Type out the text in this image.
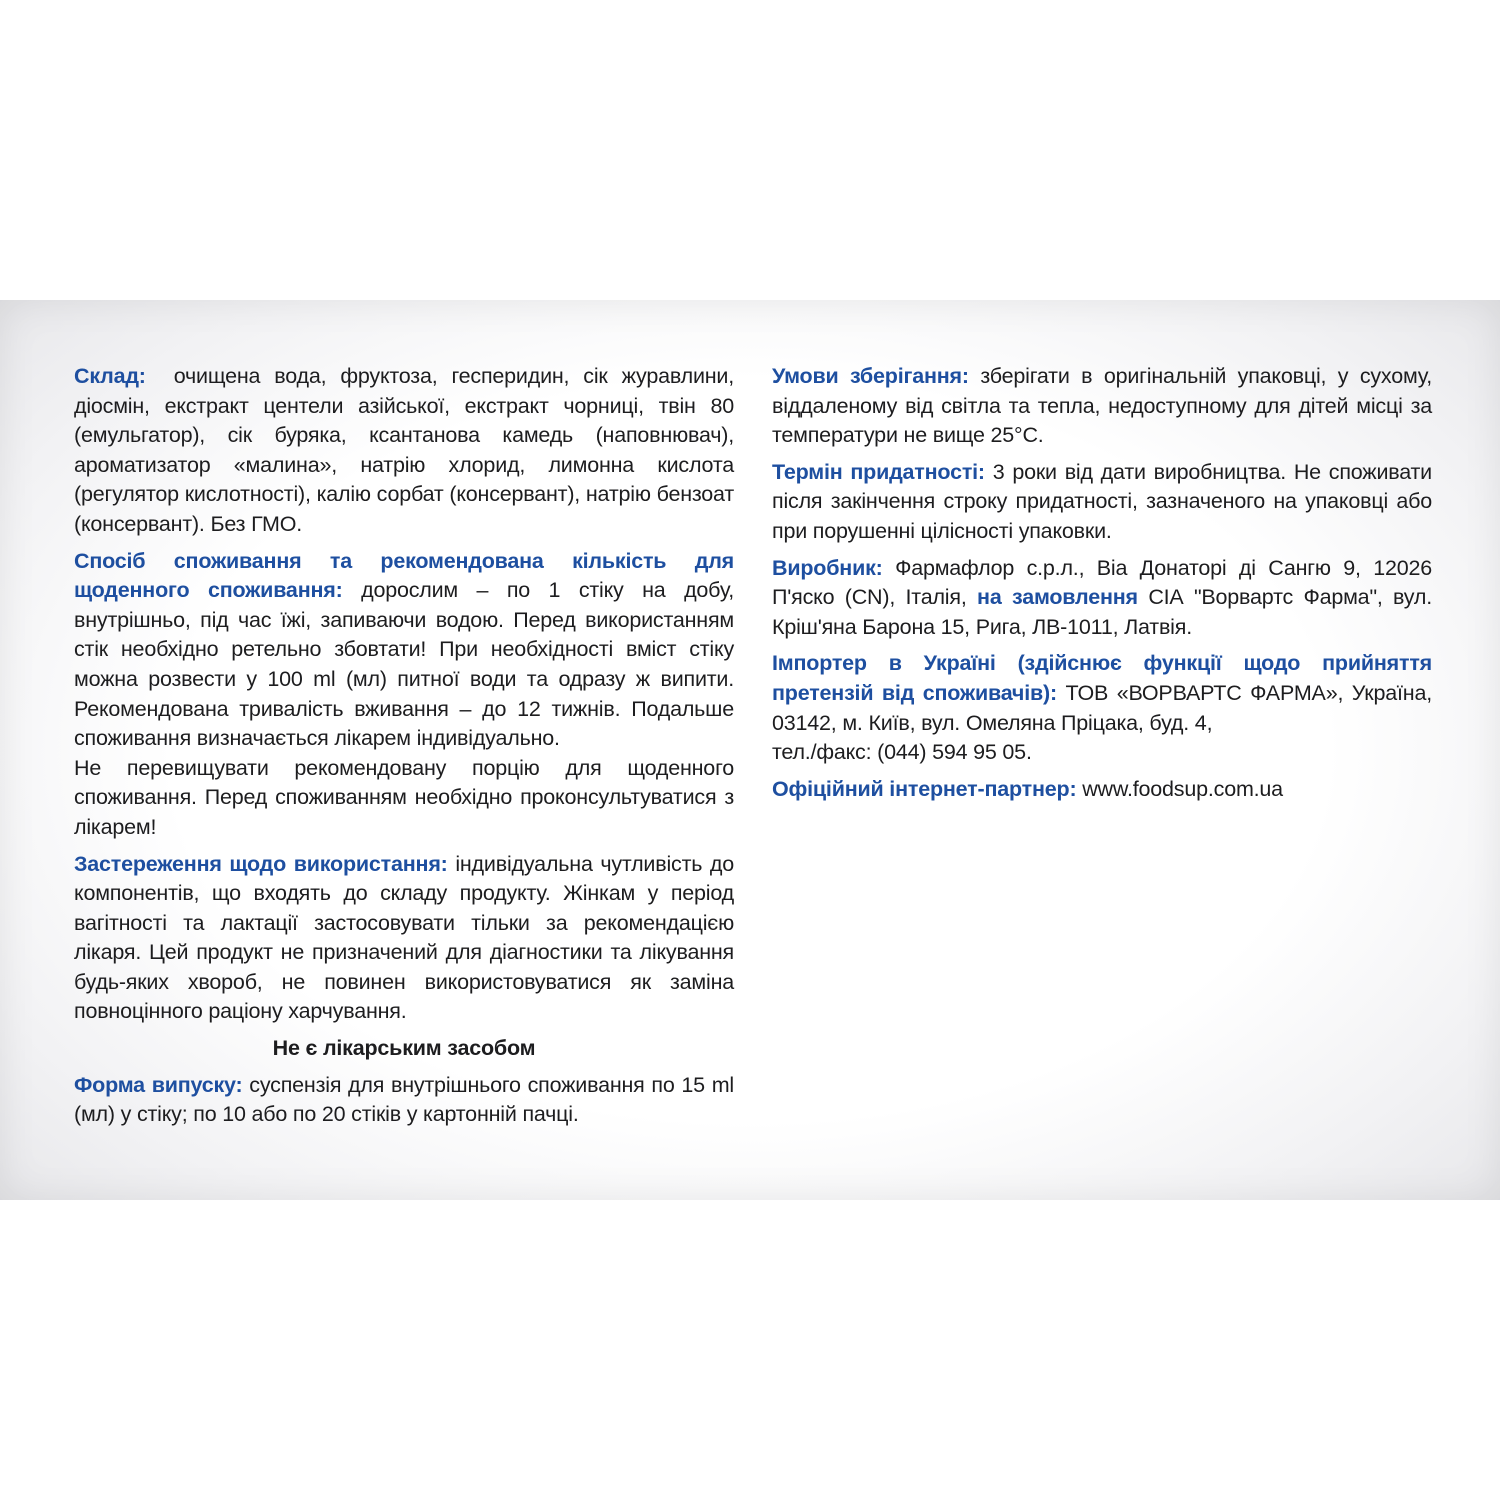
Склад: очищена вода, фруктоза, гесперидин, сік журавлини, діосмін, екстракт центели азійської, екстракт чорниці, твін 80 (емульгатор), сік буряка, ксантанова камедь (наповнювач), ароматизатор «малина», натрію хлорид, лимонна кислота (регулятор кислотності), калію сорбат (консервант), натрію бензоат (консервант). Без ГМО.

Спосіб споживання та рекомендована кількість для щоденного споживання: дорослим – по 1 стіку на добу, внутрішньо, під час їжі, запиваючи водою. Перед використанням стік необхідно ретельно збовтати! При необхідності вміст стіку можна розвести у 100 ml (мл) питної води та одразу ж випити. Рекомендована тривалість вживання – до 12 тижнів. Подальше споживання визначається лікарем індивідуально.

Не перевищувати рекомендовану порцію для щоденного споживання. Перед споживанням необхідно проконсультуватися з лікарем!

Застереження щодо використання: індивідуальна чутливість до компонентів, що входять до складу продукту. Жінкам у період вагітності та лактації застосовувати тільки за рекомендацією лікаря. Цей продукт не призначений для діагностики та лікування будь-яких хвороб, не повинен використовуватися як заміна повноцінного раціону харчування.

Не є лікарським засобом

Форма випуску: суспензія для внутрішнього споживання по 15 ml (мл) у стіку; по 10 або по 20 стіків у картонній пачці.

Умови зберігання: зберігати в оригінальній упаковці, у сухому, віддаленому від світла та тепла, недоступному для дітей місці за температури не вище 25°С.

Термін придатності: 3 роки від дати виробництва. Не споживати після закінчення строку придатності, зазначеного на упаковці або при порушенні цілісності упаковки.

Виробник: Фармафлор с.р.л., Віа Донаторі ді Сангю 9, 12026 П'яско (CN), Італія, на замовлення СІА "Ворвартс Фарма", вул. Кріш'яна Барона 15, Рига, ЛВ-1011, Латвія.

Імпортер в Україні (здійснює функції щодо прийняття претензій від споживачів): ТОВ «ВОРВАРТС ФАРМА», Україна, 03142, м. Київ, вул. Омеляна Пріцака, буд. 4,

тел./факс: (044) 594 95 05.

Офіційний інтернет-партнер: www.foodsup.com.ua
